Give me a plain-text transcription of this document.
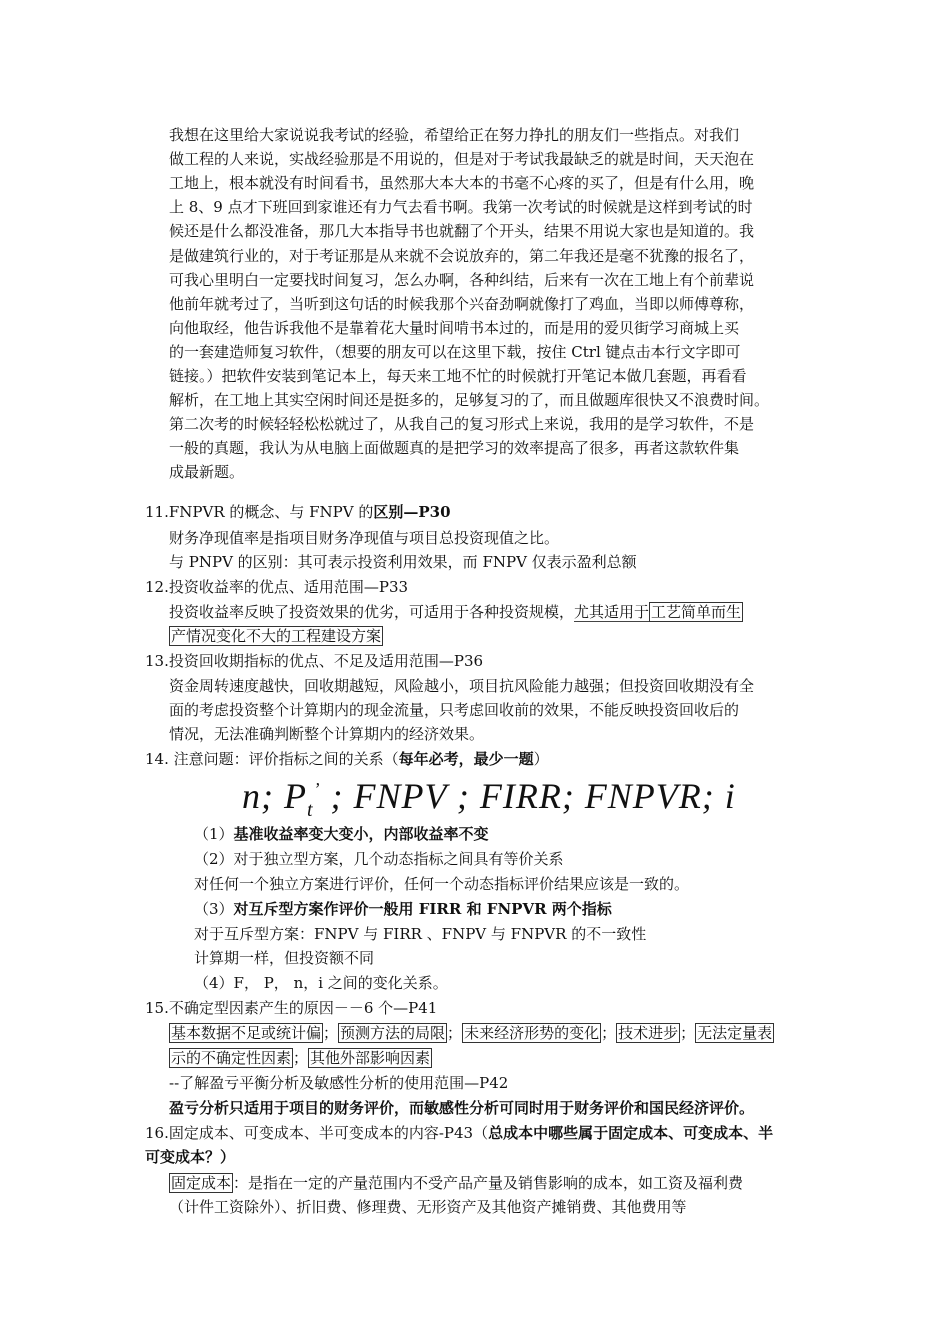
我想在这里给大家说说我考试的经验，希望给正在努力挣扎的朋友们一些指点。对我们
做工程的人来说，实战经验那是不用说的，但是对于考试我最缺乏的就是时间，天天泡在
工地上，根本就没有时间看书，虽然那大本大本的书毫不心疼的买了，但是有什么用，晚
上 8、9 点才下班回到家谁还有力气去看书啊。我第一次考试的时候就是这样到考试的时
候还是什么都没准备，那几大本指导书也就翻了个开头，结果不用说大家也是知道的。我
是做建筑行业的，对于考证那是从来就不会说放弃的，第二年我还是毫不犹豫的报名了，
可我心里明白一定要找时间复习，怎么办啊，各种纠结，后来有一次在工地上有个前辈说
他前年就考过了，当听到这句话的时候我那个兴奋劲啊就像打了鸡血，当即以师傅尊称，
向他取经，他告诉我他不是靠着花大量时间啃书本过的，而是用的爱贝街学习商城上买
的一套建造师复习软件，（想要的朋友可以在这里下载，按住 Ctrl 键点击本行文字即可
链接。）把软件安装到笔记本上，每天来工地不忙的时候就打开笔记本做几套题，再看看
解析，在工地上其实空闲时间还是挺多的，足够复习的了，而且做题库很快又不浪费时间。
第二次考的时候轻轻松松就过了，从我自己的复习形式上来说，我用的是学习软件，不是
一般的真题，我认为从电脑上面做题真的是把学习的效率提高了很多，再者这款软件集
成最新题。
11.FNPVR 的概念、与 FNPV 的区别—P30
财务净现值率是指项目财务净现值与项目总投资现值之比。
与 PNPV 的区别：其可表示投资利用效果，而 FNPV 仅表示盈利总额
12.投资收益率的优点、适用范围—P33
投资收益率反映了投资效果的优劣，可适用于各种投资规模，尤其适用于 工艺简单而生
产情况变化不大的工程建设方案
13.投资回收期指标的优点、不足及适用范围—P36
资金周转速度越快，回收期越短，风险越小，项目抗风险能力越强；但投资回收期没有全
面的考虑投资整个计算期内的现金流量，只考虑回收前的效果，不能反映投资回收后的
情况，无法准确判断整个计算期内的经济效果。
14. 注意问题：评价指标之间的关系（每年必考，最少一题）
n; $P_t^’$ ; FNPV ; FIRR; FNPVR; i
（1）基准收益率变大变小，内部收益率不变
（2）对于独立型方案，几个动态指标之间具有等价关系
对任何一个独立方案进行评价，任何一个动态指标评价结果应该是一致的。
（3）对互斥型方案作评价一般用 FIRR 和 FNPVR 两个指标
对于互斥型方案：FNPV 与 FIRR 、FNPV 与 FNPVR 的不一致性
计算期一样，但投资额不同
（4）F， P， n，i 之间的变化关系。
15.不确定型因素产生的原因－－6 个—P41
基本数据不足或统计偏 ； 预测方法的局限 ； 未来经济形势的变化 ； 技术进步 ； 无法定量表
示的不确定性因素 ； 其他外部影响因素
--了解盈亏平衡分析及敏感性分析的使用范围—P42
盈亏分析只适用于项目的财务评价，而敏感性分析可同时用于财务评价和国民经济评价。
16.固定成本、可变成本、半可变成本的内容-P43（总成本中哪些属于固定成本、可变成本、半
可变成本？）
固定成本 ：是指在一定的产量范围内不受产品产量及销售影响的成本，如工资及福利费
（计件工资除外）、折旧费、修理费、无形资产及其他资产摊销费、其他费用等
